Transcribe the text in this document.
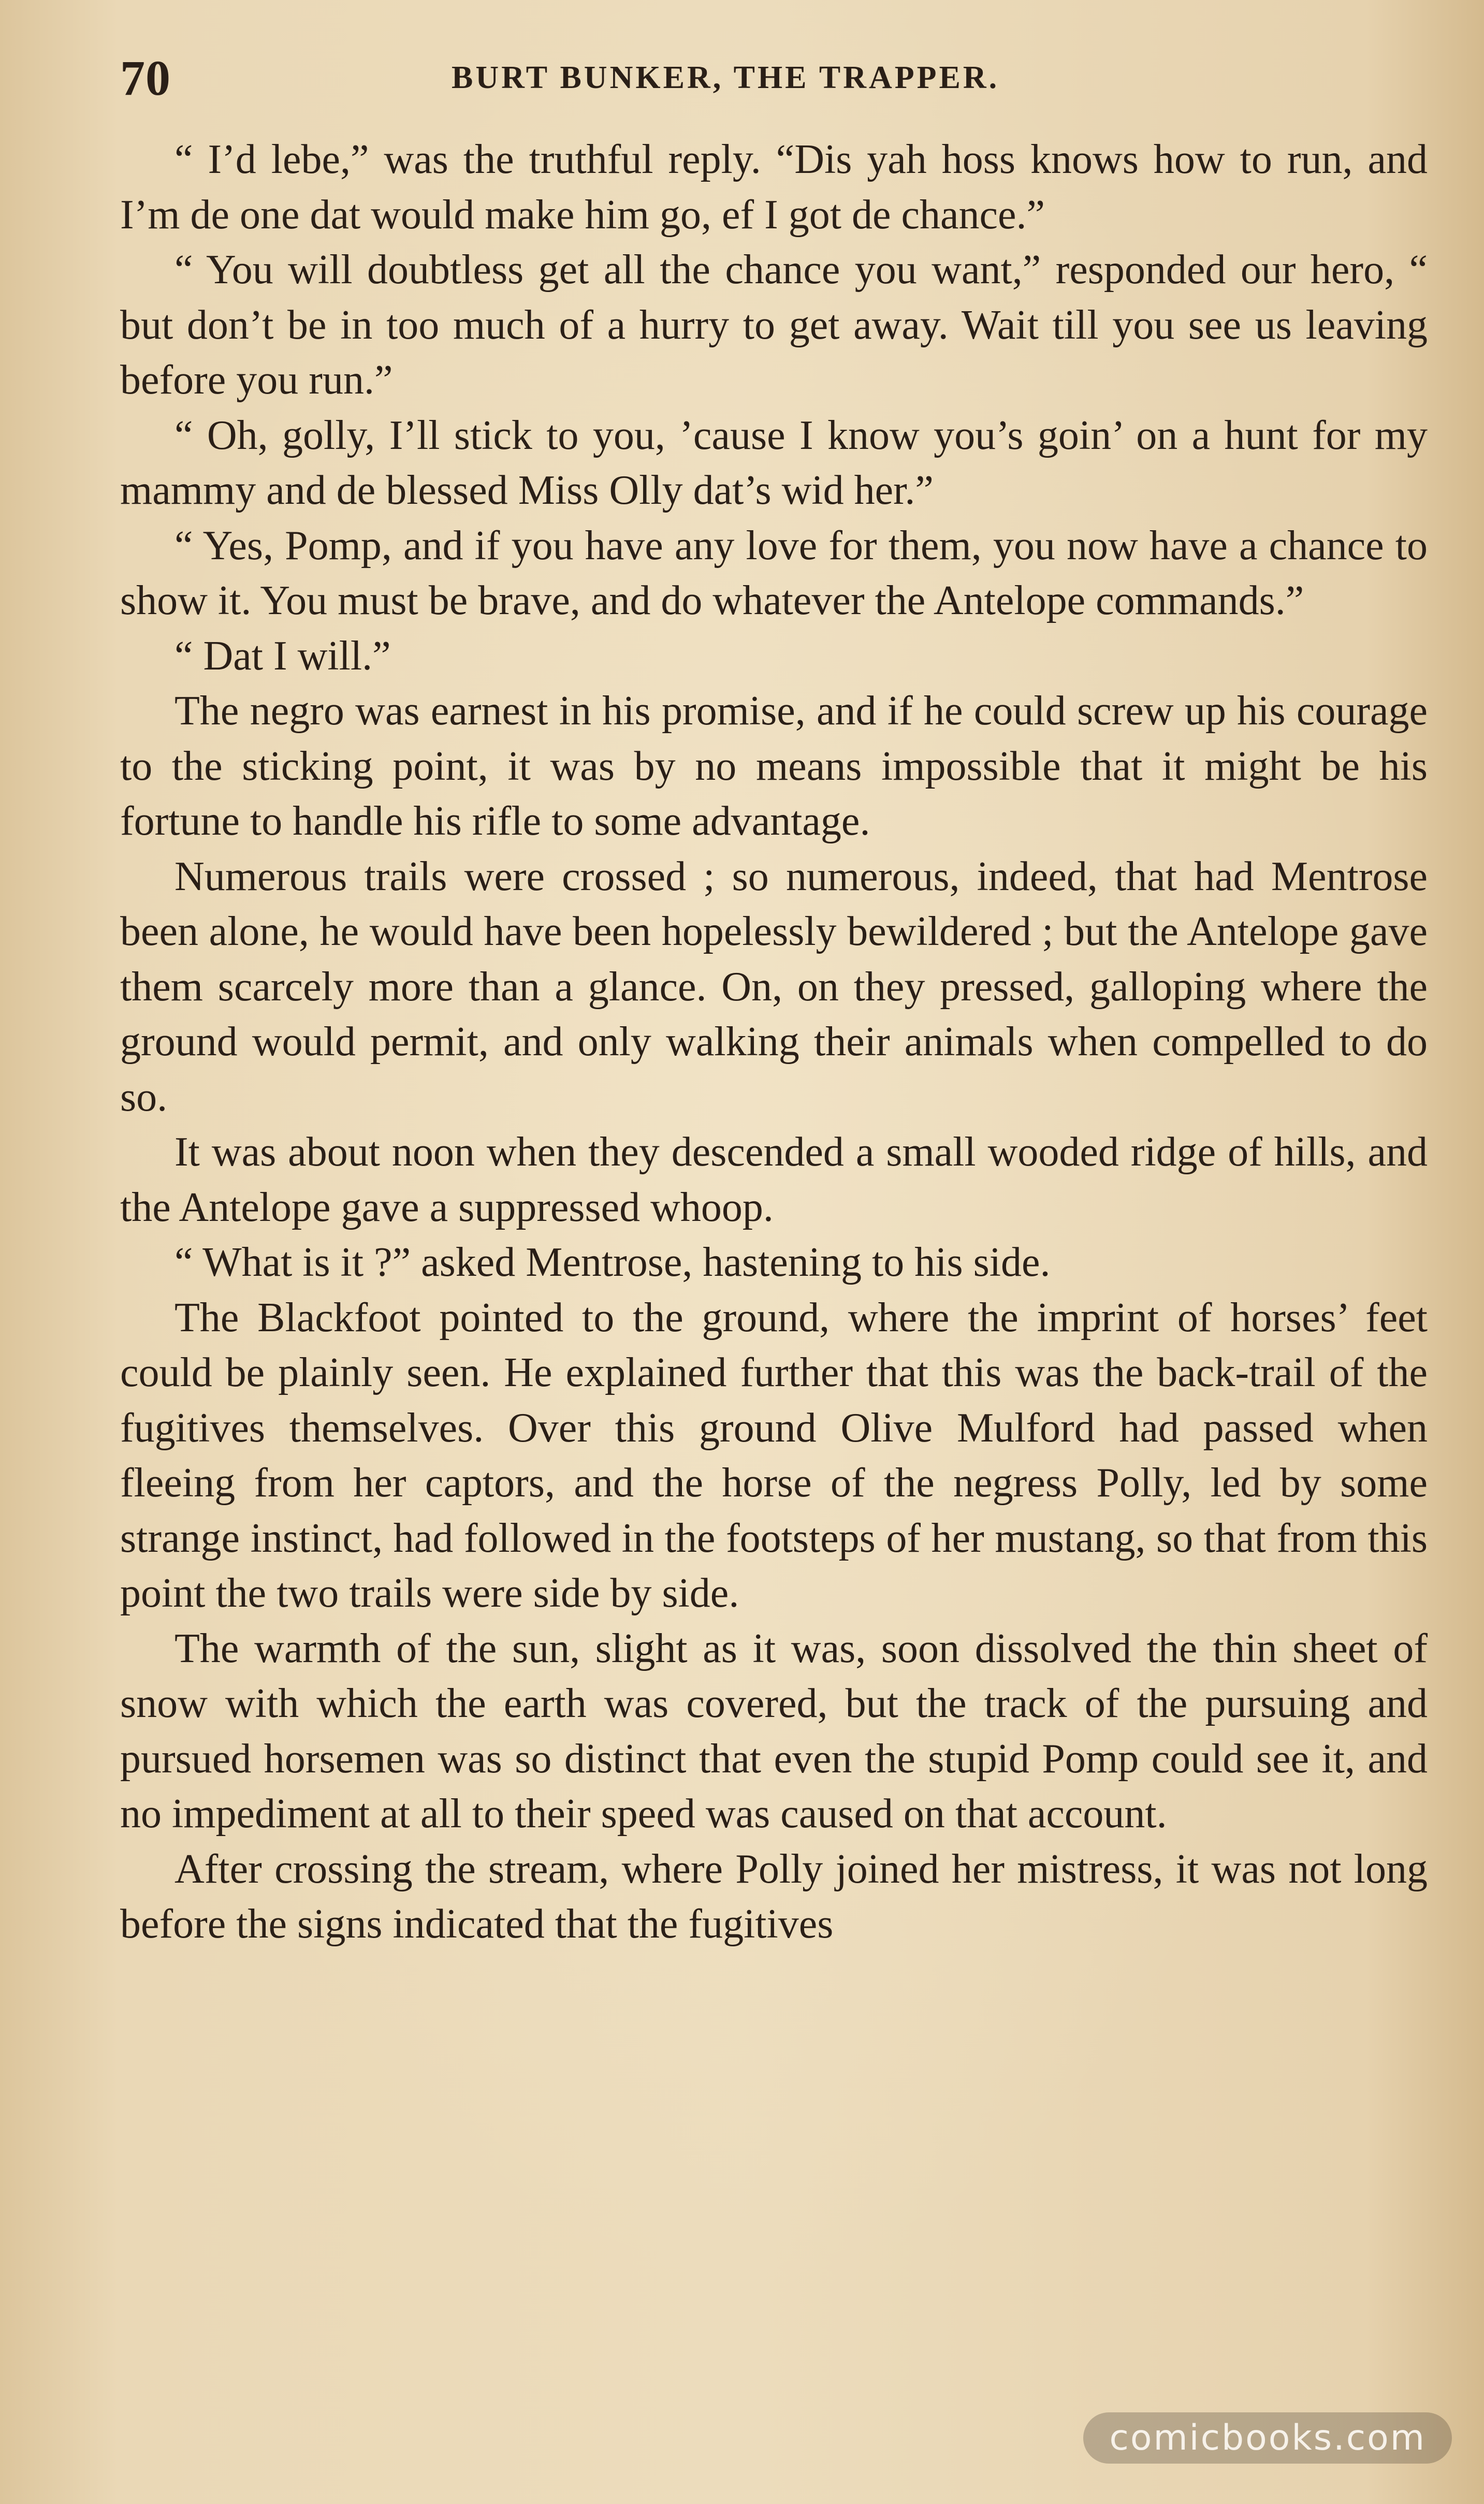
70	BURT BUNKER, THE TRAPPER.

“ I’d lebe,” was the truthful reply. “Dis yah hoss knows how to run, and I’m de one dat would make him go, ef I got de chance.”

“ You will doubtless get all the chance you want,” responded our hero, “ but don’t be in too much of a hurry to get away. Wait till you see us leaving before you run.”

“ Oh, golly, I’ll stick to you, ’cause I know you’s goin’ on a hunt for my mammy and de blessed Miss Olly dat’s wid her.”

“ Yes, Pomp, and if you have any love for them, you now have a chance to show it. You must be brave, and do whatever the Antelope commands.”

“ Dat I will.”

The negro was earnest in his promise, and if he could screw up his courage to the sticking point, it was by no means impossible that it might be his fortune to handle his rifle to some advantage.

Numerous trails were crossed ; so numerous, indeed, that had Mentrose been alone, he would have been hopelessly bewildered ; but the Antelope gave them scarcely more than a glance. On, on they pressed, galloping where the ground would permit, and only walking their animals when compelled to do so.

It was about noon when they descended a small wooded ridge of hills, and the Antelope gave a suppressed whoop.

“ What is it ?” asked Mentrose, hastening to his side.

The Blackfoot pointed to the ground, where the imprint of horses’ feet could be plainly seen. He explained further that this was the back-trail of the fugitives themselves. Over this ground Olive Mulford had passed when fleeing from her captors, and the horse of the negress Polly, led by some strange instinct, had followed in the footsteps of her mustang, so that from this point the two trails were side by side.

The warmth of the sun, slight as it was, soon dissolved the thin sheet of snow with which the earth was covered, but the track of the pursuing and pursued horsemen was so distinct that even the stupid Pomp could see it, and no impediment at all to their speed was caused on that account.

After crossing the stream, where Polly joined her mistress, it was not long before the signs indicated that the fugitives

comicbooks.com
